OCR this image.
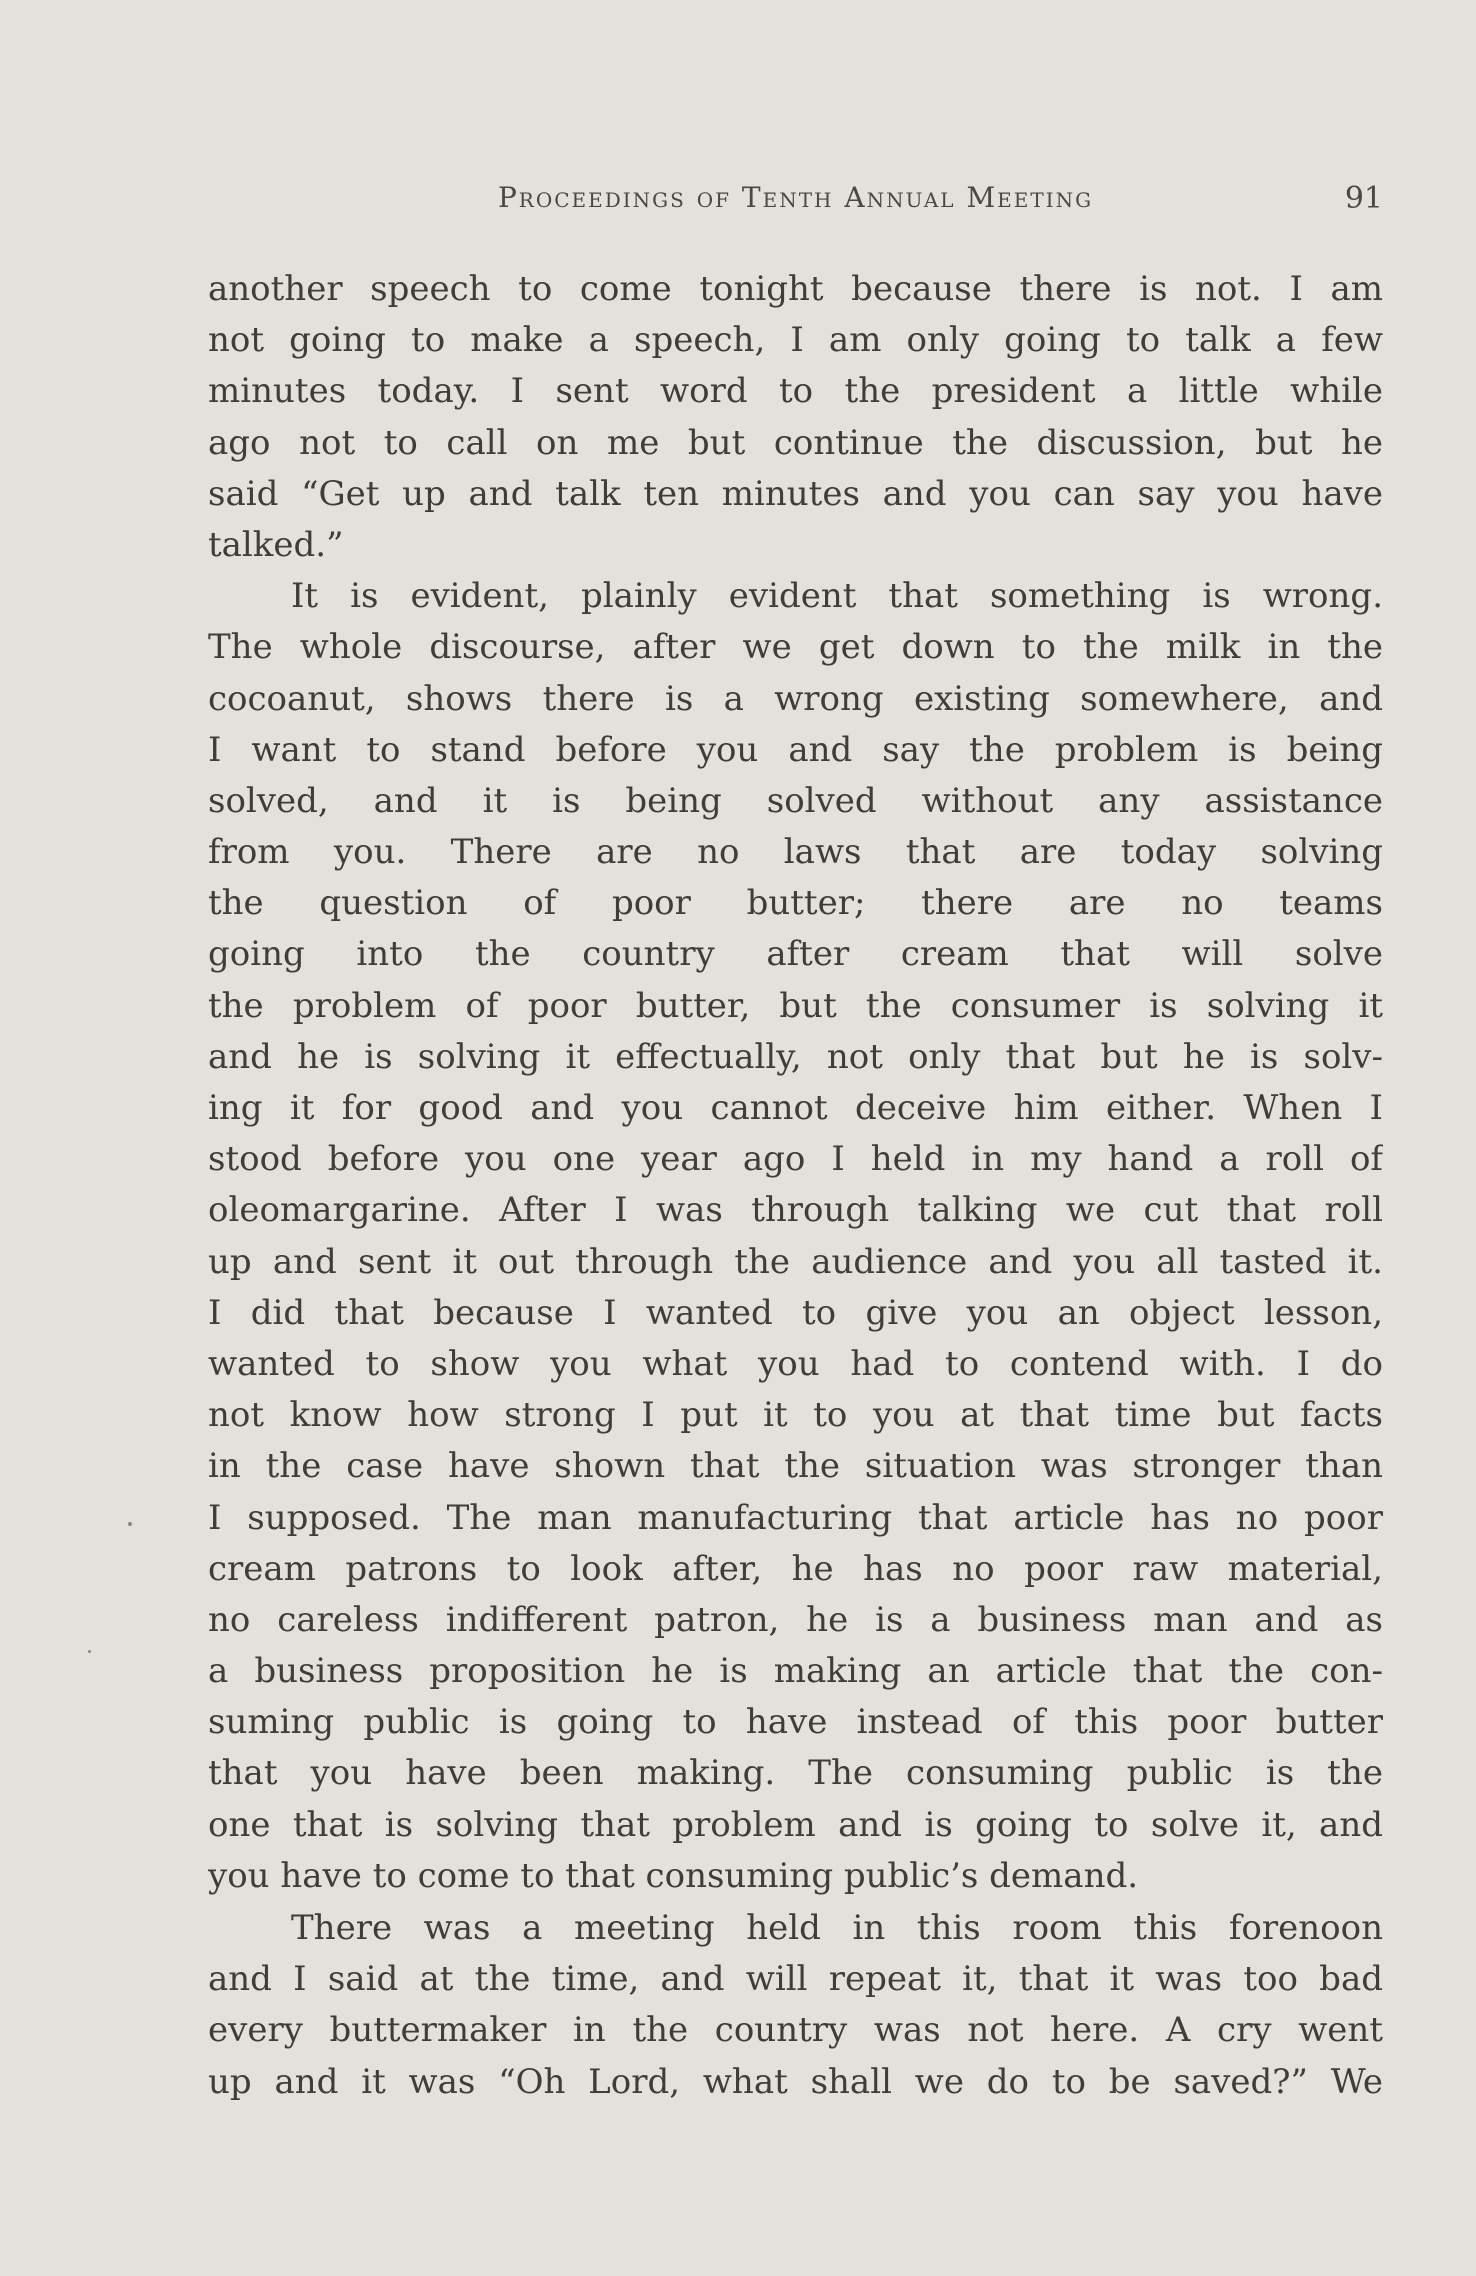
Proceedings of Tenth Annual Meeting	91
another speech to come tonight because there is not. I am
not going to make a speech, I am only going to talk a few
minutes today. I sent word to the president a little while
ago not to call on me but continue the discussion, but he
said “Get up and talk ten minutes and you can say you have
talked.”
It is evident, plainly evident that something is wrong.
The whole discourse, after we get down to the milk in the
cocoanut, shows there is a wrong existing somewhere, and
I want to stand before you and say the problem is being
solved, and it is being solved without any assistance
from you. There are no laws that are today solving
the question of poor butter; there are no teams
going into the country after cream that will solve
the problem of poor butter, but the consumer is solving it
and he is solving it effectually, not only that but he is solv-
ing it for good and you cannot deceive him either. When I
stood before you one year ago I held in my hand a roll of
oleomargarine. After I was through talking we cut that roll
up and sent it out through the audience and you all tasted it.
I did that because I wanted to give you an object lesson,
wanted to show you what you had to contend with. I do
not know how strong I put it to you at that time but facts
in the case have shown that the situation was stronger than
I supposed. The man manufacturing that article has no poor
cream patrons to look after, he has no poor raw material,
no careless indifferent patron, he is a business man and as
a business proposition he is making an article that the con-
suming public is going to have instead of this poor butter
that you have been making. The consuming public is the
one that is solving that problem and is going to solve it, and
you have to come to that consuming public’s demand.
There was a meeting held in this room this forenoon
and I said at the time, and will repeat it, that it was too bad
every buttermaker in the country was not here. A cry went
up and it was “Oh Lord, what shall we do to be saved?” We
